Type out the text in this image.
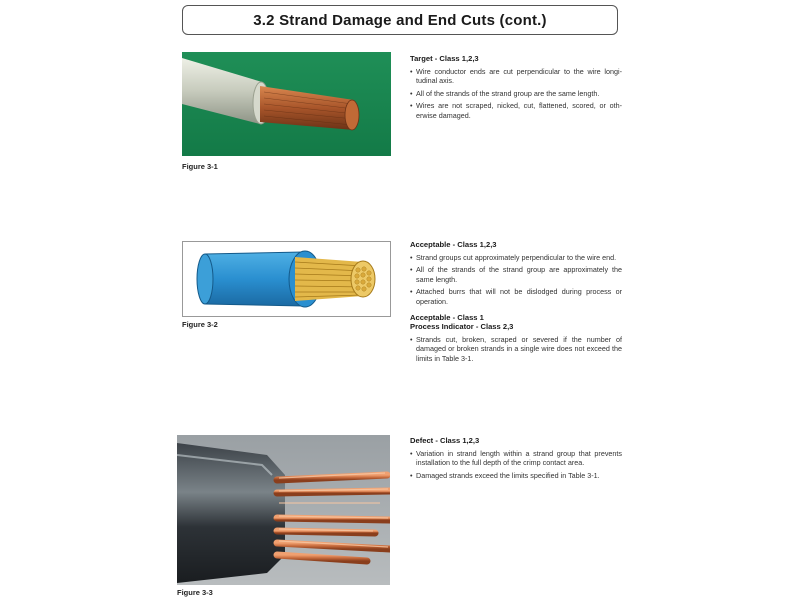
3.2 Strand Damage and End Cuts (cont.)
Figure 3-1
Figure 3-2
Figure 3-3
Target - Class 1,2,3
• Wire conductor ends are cut perpendicular to the wire longi-tudinal axis.
• All of the strands of the strand group are the same length.
• Wires are not scraped, nicked, cut, flattened, scored, or oth-erwise damaged.
Acceptable - Class 1,2,3
• Strand groups cut approximately perpendicular to the wire end.
• All of the strands of the strand group are approximately the same length.
• Attached burrs that will not be dislodged during process or operation.
Acceptable - Class 1
Process Indicator - Class 2,3
• Strands cut, broken, scraped or severed if the number of damaged or broken strands in a single wire does not exceed the limits in Table 3-1.
Defect - Class 1,2,3
• Variation in strand length within a strand group that prevents installation to the full depth of the crimp contact area.
• Damaged strands exceed the limits specified in Table 3-1.
